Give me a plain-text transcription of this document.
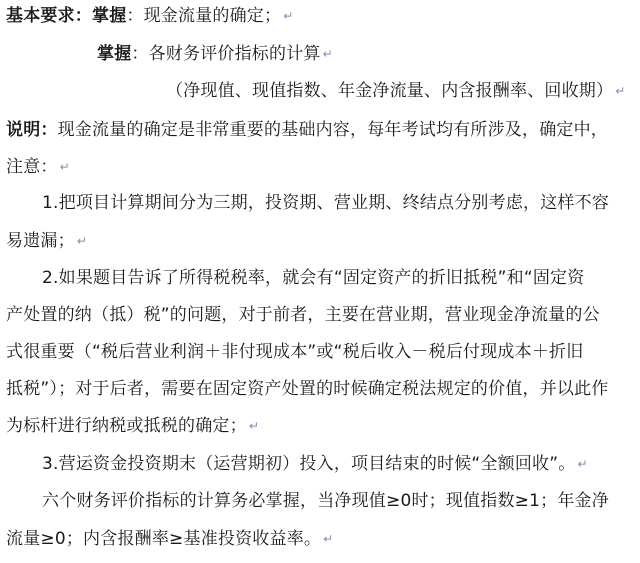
基本要求：掌握：现金流量的确定； ↵
掌握：各财务评价指标的计算 ↵
（净现值、现值指数、年金净流量、内含报酬率、回收期） ↵
说明：现金流量的确定是非常重要的基础内容，每年考试均有所涉及，确定中，
注意： ↵
1.把项目计算期间分为三期，投资期、营业期、终结点分别考虑，这样不容
易遗漏； ↵
2.如果题目告诉了所得税税率，就会有“固定资产的折旧抵税”和“固定资
产处置的纳（抵）税”的问题，对于前者，主要在营业期，营业现金净流量的公
式很重要（“税后营业利润＋非付现成本”或“税后收入－税后付现成本＋折旧
抵税”）；对于后者，需要在固定资产处置的时候确定税法规定的价值，并以此作
为标杆进行纳税或抵税的确定； ↵
3.营运资金投资期末（运营期初）投入，项目结束的时候“全额回收”。 ↵
六个财务评价指标的计算务必掌握，当净现值≥0时；现值指数≥1；年金净
流量≥0；内含报酬率≥基准投资收益率。 ↵
